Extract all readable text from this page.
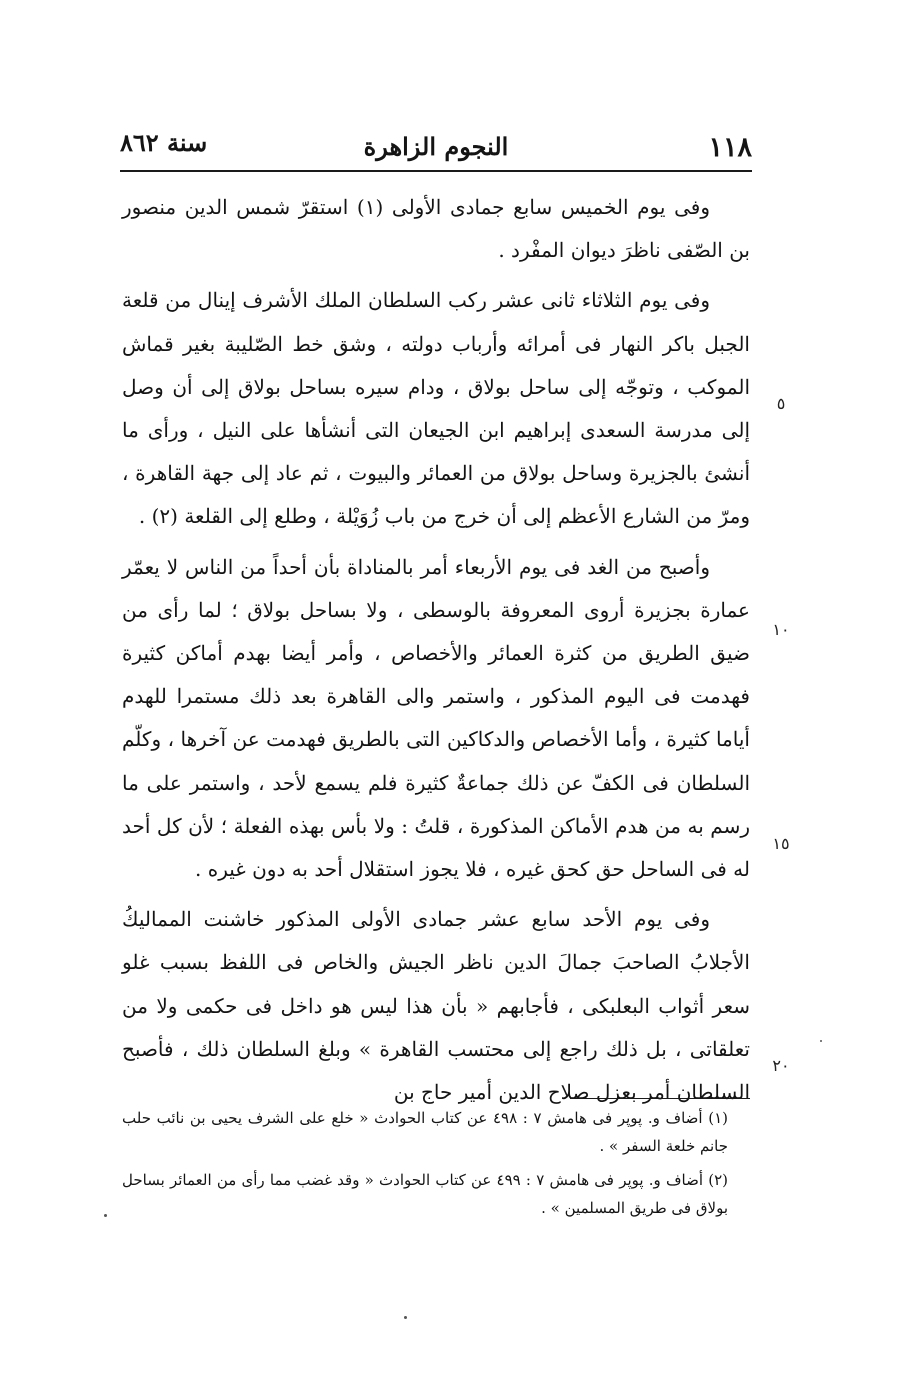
١١٨
النجوم الزاهرة
سنة ٨٦٢

وفى يوم الخميس سابع جمادى الأولى (١) استقرّ شمس الدين منصور بن الصّفى ناظرَ ديوان المفْرد .

وفى يوم الثلاثاء ثانى عشر ركب السلطان الملك الأشرف إينال من قلعة الجبل باكر النهار فى أمرائه وأرباب دولته ، وشق خط الصّليبة بغير قماش الموكب ، وتوجّه إلى ساحل بولاق ، ودام سيره بساحل بولاق إلى أن وصل إلى مدرسة السعدى إبراهيم ابن الجيعان التى أنشأها على النيل ، ورأى ما أنشئ بالجزيرة وساحل بولاق من العمائر والبيوت ، ثم عاد إلى جهة القاهرة ، ومرّ من الشارع الأعظم إلى أن خرج من باب زُوَيْلة ، وطلع إلى القلعة (٢) .

وأصبح من الغد فى يوم الأربعاء أمر بالمناداة بأن أحداً من الناس لا يعمّر عمارة بجزيرة أروى المعروفة بالوسطى ، ولا بساحل بولاق ؛ لما رأى من ضيق الطريق من كثرة العمائر والأخصاص ، وأمر أيضا بهدم أماكن كثيرة فهدمت فى اليوم المذكور ، واستمر والى القاهرة بعد ذلك مستمرا للهدم أياما كثيرة ، وأما الأخصاص والدكاكين التى بالطريق فهدمت عن آخرها ، وكلّم السلطان فى الكفّ عن ذلك جماعةٌ كثيرة فلم يسمع لأحد ، واستمر على ما رسم به من هدم الأماكن المذكورة ، قلتُ : ولا بأس بهذه الفعلة ؛ لأن كل أحد له فى الساحل حق كحق غيره ، فلا يجوز استقلال أحد به دون غيره .

وفى يوم الأحد سابع عشر جمادى الأولى المذكور خاشنت المماليكُ الأجلابُ الصاحبَ جمالَ الدين ناظر الجيش والخاص فى اللفظ بسبب غلو سعر أثواب البعلبكى ، فأجابهم « بأن هذا ليس هو داخل فى حكمى ولا من تعلقاتى ، بل ذلك راجع إلى محتسب القاهرة » وبلغ السلطان ذلك ، فأصبح السلطان أمر بعزل صلاح الدين أمير حاج بن

٥
١٠
١٥
٢٠

(١) أضاف و. پوپر فى هامش ٧ : ٤٩٨ عن كتاب الحوادث « خلع على الشرف يحيى بن نائب حلب جانم خلعة السفر » .

(٢) أضاف و. پوپر فى هامش ٧ : ٤٩٩ عن كتاب الحوادث « وقد غضب مما رأى من العمائر بساحل بولاق فى طريق المسلمين » .
